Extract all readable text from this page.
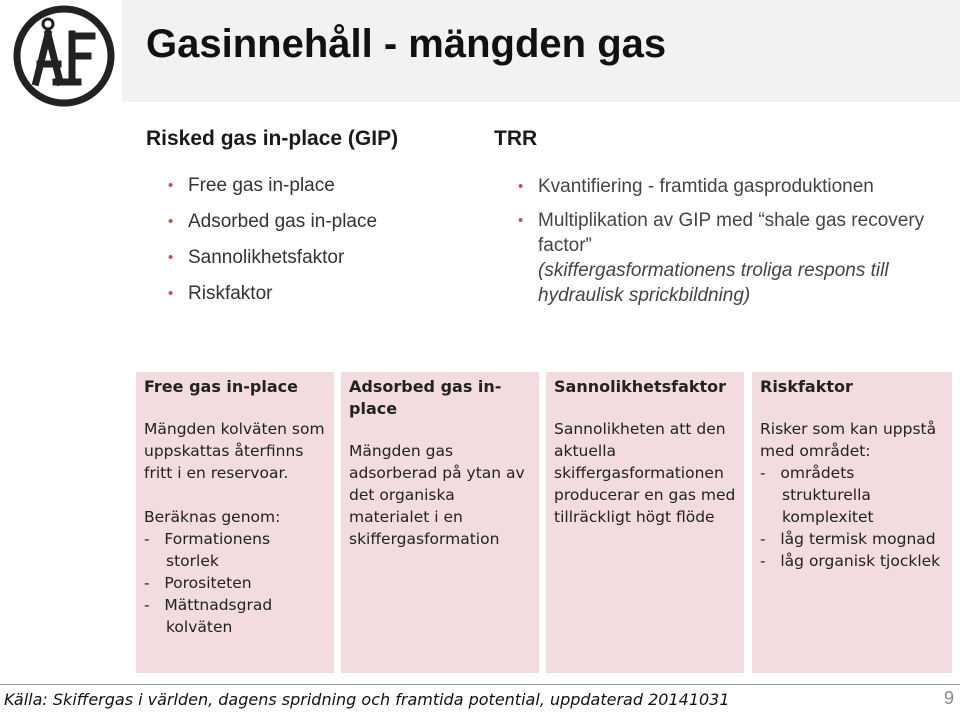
Gasinnehåll - mängden gas
Risked gas in-place (GIP)	TRR
• Free gas in-place
• Adsorbed gas in-place
• Sannolikhetsfaktor
• Riskfaktor
• Kvantifiering - framtida gasproduktionen
• Multiplikation av GIP med “shale gas recovery factor”
(skiffergasformationens troliga respons till hydraulisk sprickbildning)
Free gas in-place

Mängden kolväten som uppskattas återfinns fritt i en reservoar.

Beräknas genom:

-   Formationens storlek

-   Porositeten

-   Mättnadsgrad kolväten

Adsorbed gas in-place

Mängden gas adsorberad på ytan av det organiska materialet i en skiffergasformation

Sannolikhetsfaktor

Sannolikheten att den aktuella skiffergasformationen producerar en gas med tillräckligt högt flöde

Riskfaktor

Risker som kan uppstå med området:

-   områdets strukturella komplexitet

-   låg termisk mognad

-   låg organisk tjocklek

Källa: Skiffergas i världen, dagens spridning och framtida potential, uppdaterad 20141031	9
